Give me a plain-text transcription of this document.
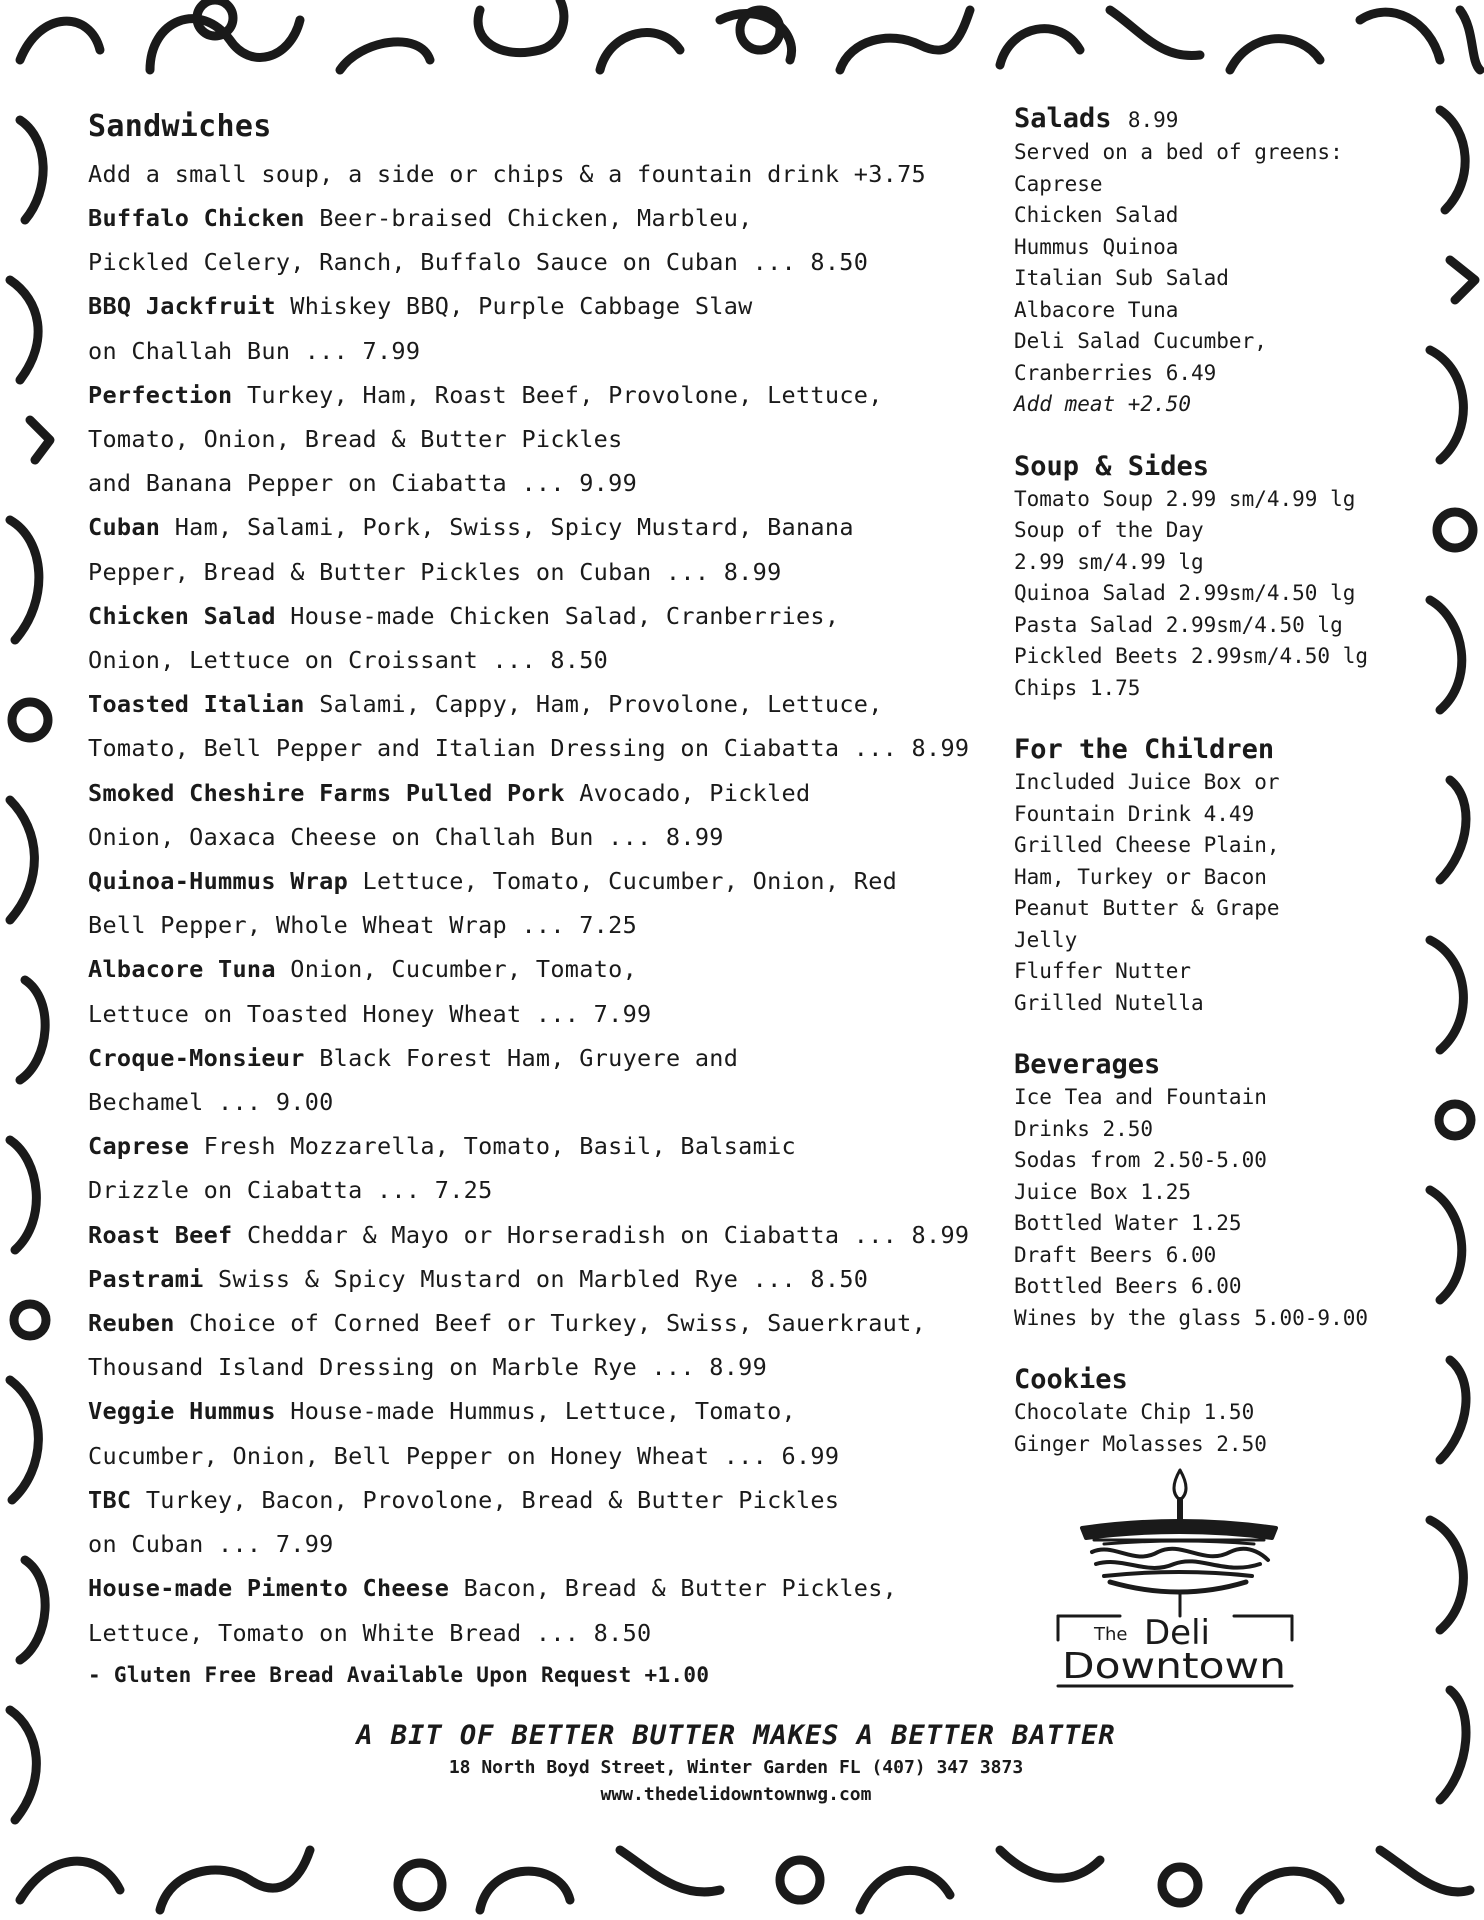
Sandwiches
Add a small soup, a side or chips & a fountain drink +3.75
Buffalo Chicken Beer-braised Chicken, Marbleu,
Pickled Celery, Ranch, Buffalo Sauce on Cuban ... 8.50
BBQ Jackfruit Whiskey BBQ, Purple Cabbage Slaw
on Challah Bun ... 7.99
Perfection Turkey, Ham, Roast Beef, Provolone, Lettuce,
Tomato, Onion, Bread & Butter Pickles
and Banana Pepper on Ciabatta ... 9.99
Cuban Ham, Salami, Pork, Swiss, Spicy Mustard, Banana
Pepper, Bread & Butter Pickles on Cuban ... 8.99
Chicken Salad House-made Chicken Salad, Cranberries,
Onion, Lettuce on Croissant ... 8.50
Toasted Italian Salami, Cappy, Ham, Provolone, Lettuce,
Tomato, Bell Pepper and Italian Dressing on Ciabatta ... 8.99
Smoked Cheshire Farms Pulled Pork Avocado, Pickled
Onion, Oaxaca Cheese on Challah Bun ... 8.99
Quinoa-Hummus Wrap Lettuce, Tomato, Cucumber, Onion, Red
Bell Pepper, Whole Wheat Wrap ... 7.25
Albacore Tuna Onion, Cucumber, Tomato,
Lettuce on Toasted Honey Wheat ... 7.99
Croque-Monsieur Black Forest Ham, Gruyere and
Bechamel ... 9.00
Caprese Fresh Mozzarella, Tomato, Basil, Balsamic
Drizzle on Ciabatta ... 7.25
Roast Beef Cheddar & Mayo or Horseradish on Ciabatta ... 8.99
Pastrami Swiss & Spicy Mustard on Marbled Rye ... 8.50
Reuben Choice of Corned Beef or Turkey, Swiss, Sauerkraut,
Thousand Island Dressing on Marble Rye ... 8.99
Veggie Hummus House-made Hummus, Lettuce, Tomato,
Cucumber, Onion, Bell Pepper on Honey Wheat ... 6.99
TBC Turkey, Bacon, Provolone, Bread & Butter Pickles
on Cuban ... 7.99
House-made Pimento Cheese Bacon, Bread & Butter Pickles,
Lettuce, Tomato on White Bread ... 8.50
- Gluten Free Bread Available Upon Request +1.00
Salads 8.99
Served on a bed of greens:
Caprese
Chicken Salad
Hummus Quinoa
Italian Sub Salad
Albacore Tuna
Deli Salad Cucumber,
Cranberries 6.49
Add meat +2.50
Soup & Sides
Tomato Soup 2.99 sm/4.99 lg
Soup of the Day
2.99 sm/4.99 lg
Quinoa Salad 2.99sm/4.50 lg
Pasta Salad 2.99sm/4.50 lg
Pickled Beets 2.99sm/4.50 lg
Chips 1.75
For the Children
Included Juice Box or
Fountain Drink 4.49
Grilled Cheese Plain,
Ham, Turkey or Bacon
Peanut Butter & Grape
Jelly
Fluffer Nutter
Grilled Nutella
Beverages
Ice Tea and Fountain
Drinks 2.50
Sodas from 2.50-5.00
Juice Box 1.25
Bottled Water 1.25
Draft Beers 6.00
Bottled Beers 6.00
Wines by the glass 5.00-9.00
Cookies
Chocolate Chip 1.50
Ginger Molasses 2.50
The Deli
Downtown
A BIT OF BETTER BUTTER MAKES A BETTER BATTER
18 North Boyd Street, Winter Garden FL (407) 347 3873
www.thedelidowntownwg.com
